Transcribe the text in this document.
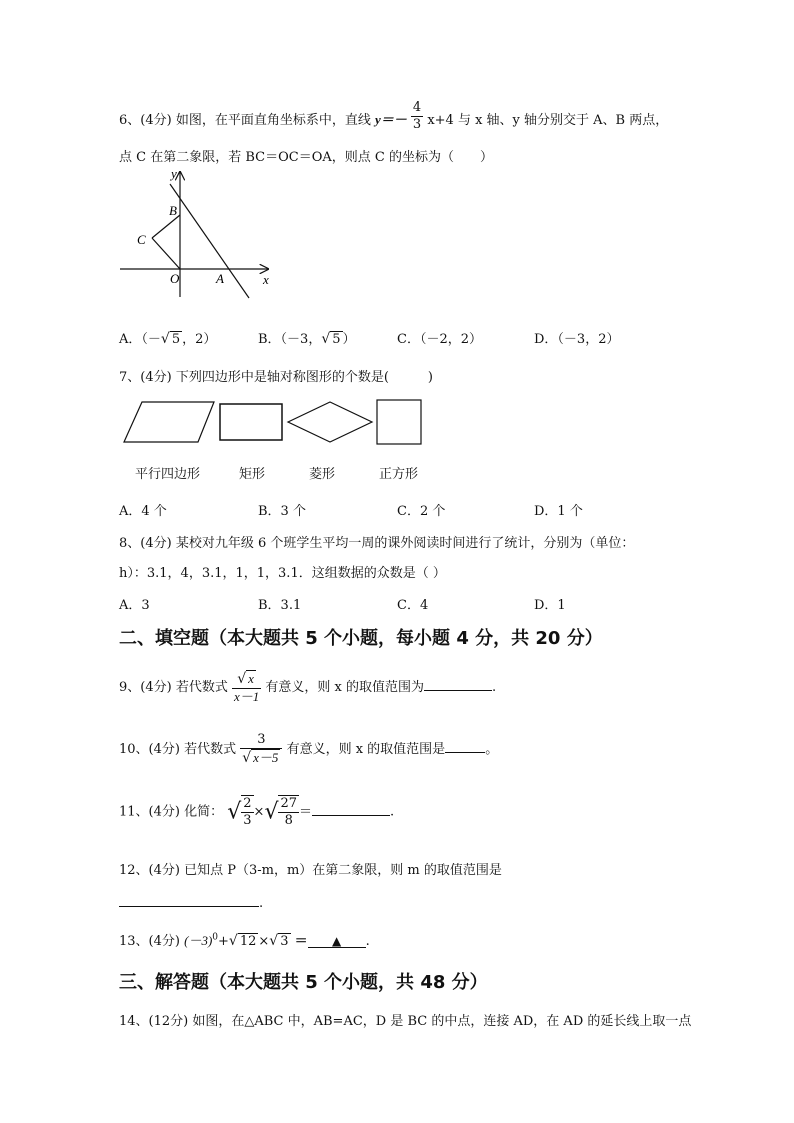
6、(4分) 如图，在平面直角坐标系中，直线 $y=- \frac{4}{3} x+4$ 与 x 轴、y 轴分别交于 A、B 两点，
点 C 在第二象限，若 BC＝OC＝OA，则点 C 的坐标为（　　）
y
x
B
C
O	A
A．（－√ 5 ，2）	B．（－3，√ 5 ）	C．（－2，2）	D．（－3，2）
7、(4分) 下列四边形中是轴对称图形的个数是(　　　)
平行四边形	矩形	菱形	正方形
A．4 个	B．3 个	C．2 个	D．1 个
8、(4分) 某校对九年级 6 个班学生平均一周的课外阅读时间进行了统计，分别为（单位：
h）：3.1，4，3.1，1，1，3.1．这组数据的众数是（ ）
A．3	B．3.1	C．4	D．1
二、填空题（本大题共 5 个小题，每小题 4 分，共 20 分）
9、(4分) 若代数式 $\frac{√ x}{x-1}$ 有意义，则 x 的取值范围为	.
10、(4分) 若代数式 $\frac{3}{√ x-5}$ 有意义，则 x 的取值范围是	。
11、(4分) 化简： √ $\frac{2}{3}$ ×√ $\frac{27}{8}$ ＝	.
12、(4分) 已知点 P（3-m，m）在第二象限，则 m 的取值范围是
.
13、(4分) $(-3)^0+√$ 12 ×√ 3 ＝ ▲ .
三、解答题（本大题共 5 个小题，共 48 分）
14、(12分) 如图，在△ABC 中，AB=AC，D 是 BC 的中点，连接 AD，在 AD 的延长线上取一点
